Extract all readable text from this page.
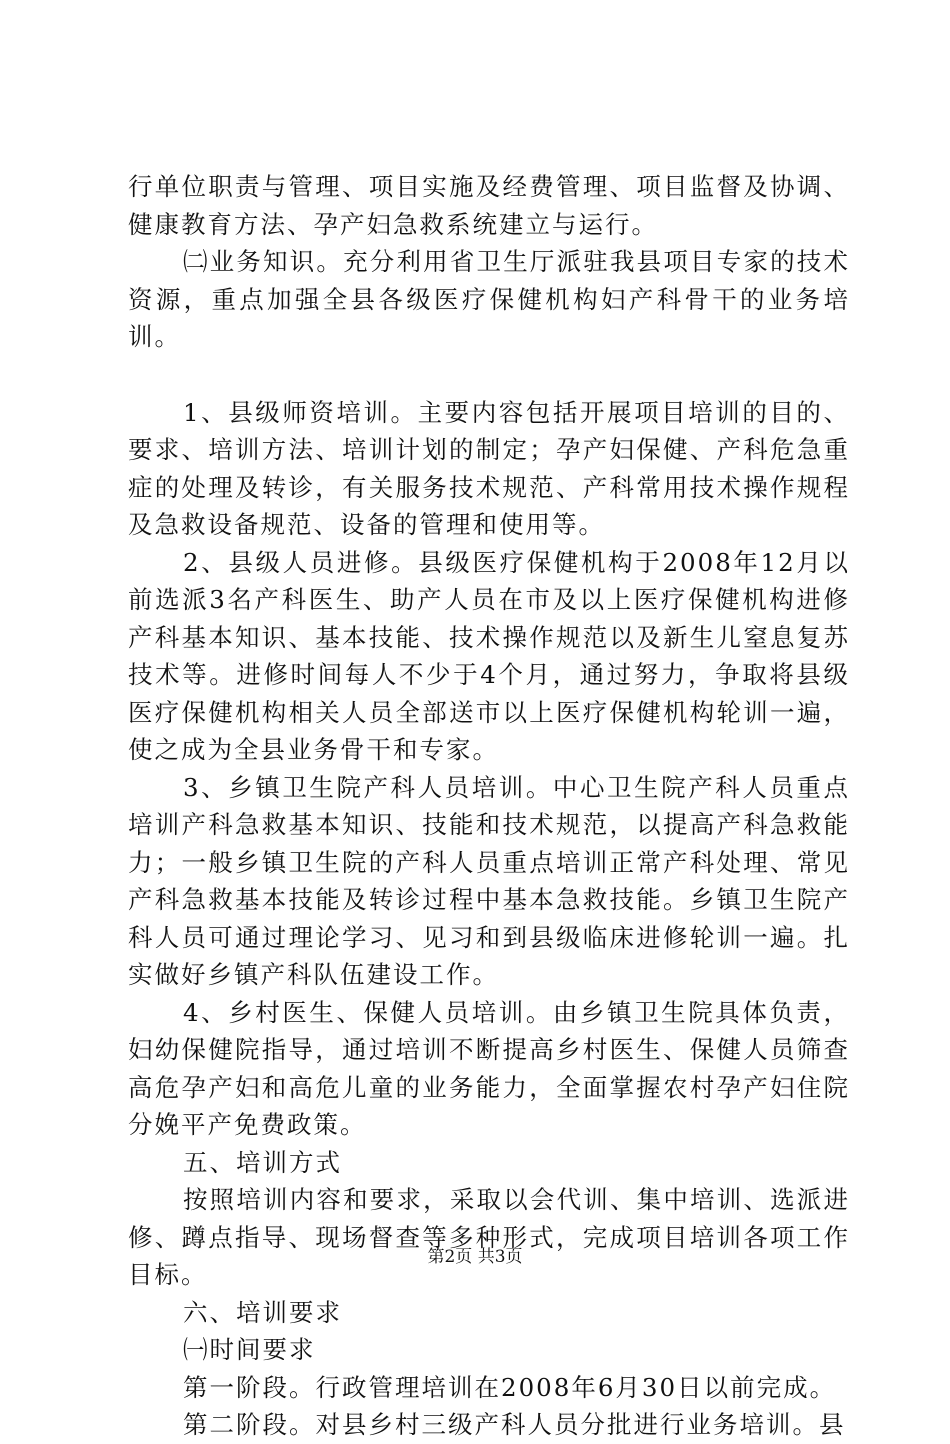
行单位职责与管理、项目实施及经费管理、项目监督及协调、健康教育方法、孕产妇急救系统建立与运行。

㈡业务知识。充分利用省卫生厅派驻我县项目专家的技术资源，重点加强全县各级医疗保健机构妇产科骨干的业务培训。

1、县级师资培训。主要内容包括开展项目培训的目的、要求、培训方法、培训计划的制定；孕产妇保健、产科危急重症的处理及转诊，有关服务技术规范、产科常用技术操作规程及急救设备规范、设备的管理和使用等。

2、县级人员进修。县级医疗保健机构于2008年12月以前选派3名产科医生、助产人员在市及以上医疗保健机构进修产科基本知识、基本技能、技术操作规范以及新生儿窒息复苏技术等。进修时间每人不少于4个月，通过努力，争取将县级医疗保健机构相关人员全部送市以上医疗保健机构轮训一遍，使之成为全县业务骨干和专家。

3、乡镇卫生院产科人员培训。中心卫生院产科人员重点培训产科急救基本知识、技能和技术规范，以提高产科急救能力；一般乡镇卫生院的产科人员重点培训正常产科处理、常见产科急救基本技能及转诊过程中基本急救技能。乡镇卫生院产科人员可通过理论学习、见习和到县级临床进修轮训一遍。扎实做好乡镇产科队伍建设工作。

4、乡村医生、保健人员培训。由乡镇卫生院具体负责，妇幼保健院指导，通过培训不断提高乡村医生、保健人员筛查高危孕产妇和高危儿童的业务能力，全面掌握农村孕产妇住院分娩平产免费政策。

五、培训方式

按照培训内容和要求，采取以会代训、集中培训、选派进修、蹲点指导、现场督查等多种形式，完成项目培训各项工作目标。

六、培训要求

㈠时间要求

第一阶段。行政管理培训在2008年6月30日以前完成。

第二阶段。对县乡村三级产科人员分批进行业务培训。县

第2页 共3页
